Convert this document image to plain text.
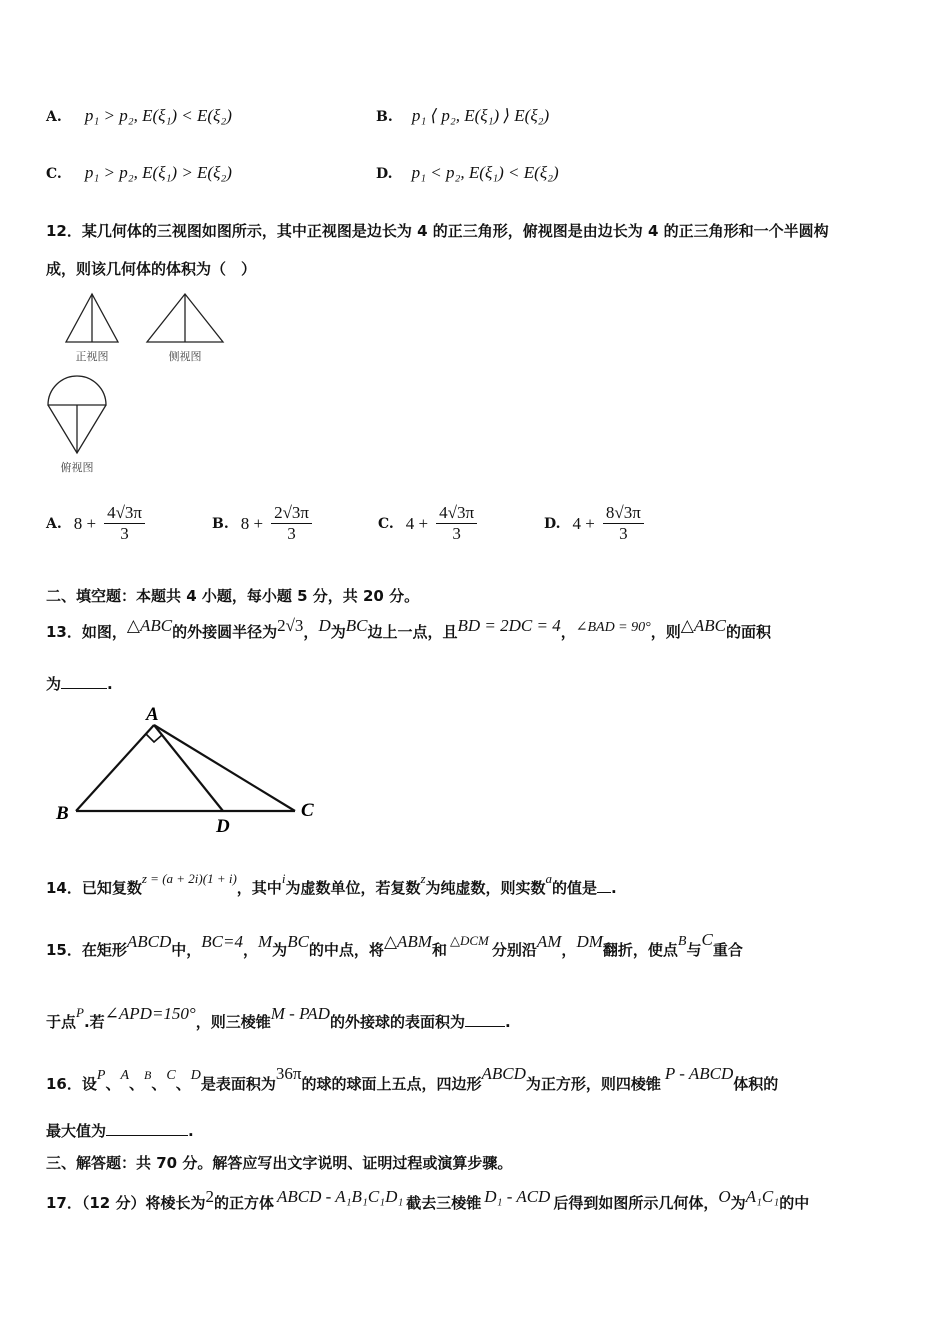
A. p₁ > p₂, E(ξ₁) < E(ξ₂)	B. p₁ ⟨ p₂, E(ξ₁) ⟩ E(ξ₂)
C. p₁ > p₂, E(ξ₁) > E(ξ₂)	D. p₁ < p₂, E(ξ₁) < E(ξ₂)
12．某几何体的三视图如图所示，其中正视图是边长为 4 的正三角形，俯视图是由边长为 4 的正三角形和一个半圆构
成，则该几何体的体积为（　）
正视图	侧视图
俯视图
A. $8 + \frac{4√3\pi}{3}$	B. $8 + \frac{2√3\pi}{3}$	C. $4 + \frac{4√3\pi}{3}$	D. $4 + \frac{8√3\pi}{3}$
二、填空题：本题共 4 小题，每小题 5 分，共 20 分。
13．如图，△ABC的外接圆半径为2√3，D为BC边上一点，且BD = 2DC = 4，∠BAD = 90°，则△ABC的面积
为	.
A
B	C
D
14．已知复数z = (a + 2i)(1 + i)，其中i为虚数单位，若复数z为纯虚数，则实数a的值是 .
15．在矩形ABCD中，BC=4，M为BC的中点，将△ABM和△DCM分别沿AM，DM翻折，使点B与C重合
于点P.若∠APD=150°，则三棱锥M - PAD的外接球的表面积为	.
16．设P、A、$^B$、C、D是表面积为36π的球的球面上五点，四边形ABCD为正方形，则四棱锥P - ABCD体积的
最大值为	.
三、解答题：共 70 分。解答应写出文字说明、证明过程或演算步骤。
17．（12 分）将棱长为2的正方体 ABCD - A₁B₁C₁D₁ 截去三棱锥 D₁ - ACD 后得到如图所示几何体，O为A₁C₁的中
